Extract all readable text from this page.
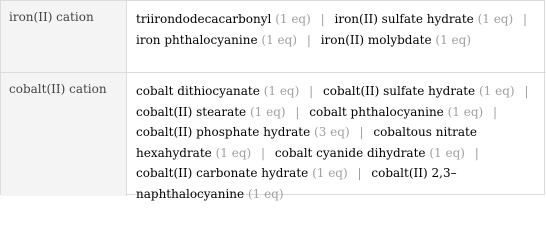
iron(II) cation	triirondodecacarbonyl (1 eq) | iron(II) sulfate hydrate (1 eq) | iron phthalocyanine (1 eq) | iron(II) molybdate (1 eq)
cobalt(II) cation	cobalt dithiocyanate (1 eq) | cobalt(II) sulfate hydrate (1 eq) | cobalt(II) stearate (1 eq) | cobalt phthalocyanine (1 eq) | cobalt(II) phosphate hydrate (3 eq) | cobaltous nitrate hexahydrate (1 eq) | cobalt cyanide dihydrate (1 eq) | cobalt(II) carbonate hydrate (1 eq) | cobalt(II) 2,3–naphthalocyanine (1 eq)
